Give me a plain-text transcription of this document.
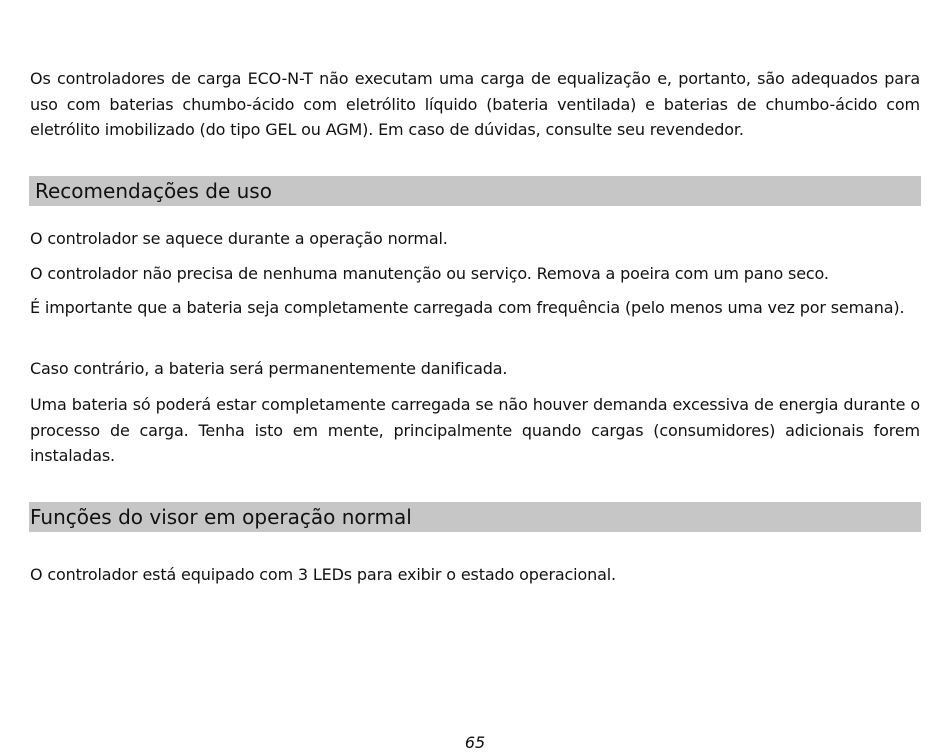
Os controladores de carga ECO-N-T não executam uma carga de equalização e, portanto, são adequados para uso com baterias chumbo-ácido com eletrólito líquido (bateria ventilada) e baterias de chumbo-ácido com eletrólito imobilizado (do tipo GEL ou AGM). Em caso de dúvidas, consulte seu revendedor.

Recomendações de uso

O controlador se aquece durante a operação normal.

O controlador não precisa de nenhuma manutenção ou serviço. Remova a poeira com um pano seco.

É importante que a bateria seja completamente carregada com frequência (pelo menos uma vez por semana).

Caso contrário, a bateria será permanentemente danificada.

Uma bateria só poderá estar completamente carregada se não houver demanda excessiva de energia durante o processo de carga. Tenha isto em mente, principalmente quando cargas (consumidores) adicionais forem instaladas.

Funções do visor em operação normal

O controlador está equipado com 3 LEDs para exibir o estado operacional.

65
